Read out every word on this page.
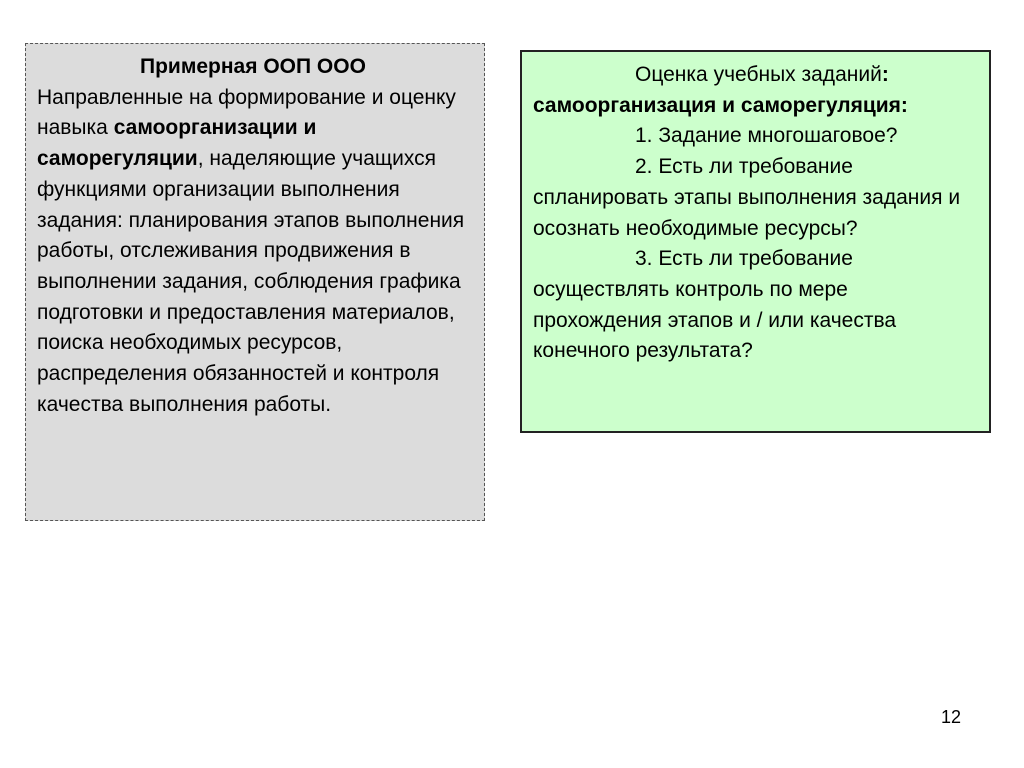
Примерная ООП ООО
Направленные на формирование и оценку навыка самоорганизации и саморегуляции, наделяющие учащихся функциями организации выполнения задания: планирования этапов выполнения работы, отслеживания продвижения в выполнении задания, соблюдения графика подготовки и предоставления материалов, поиска необходимых ресурсов, распределения обязанностей и контроля качества выполнения работы.
Оценка учебных заданий:
самоорганизация и саморегуляция:
1. Задание многошаговое?
2. Есть ли требование
спланировать этапы выполнения задания и осознать необходимые ресурсы?
3. Есть ли требование
осуществлять контроль по мере прохождения этапов и / или качества конечного результата?
12
